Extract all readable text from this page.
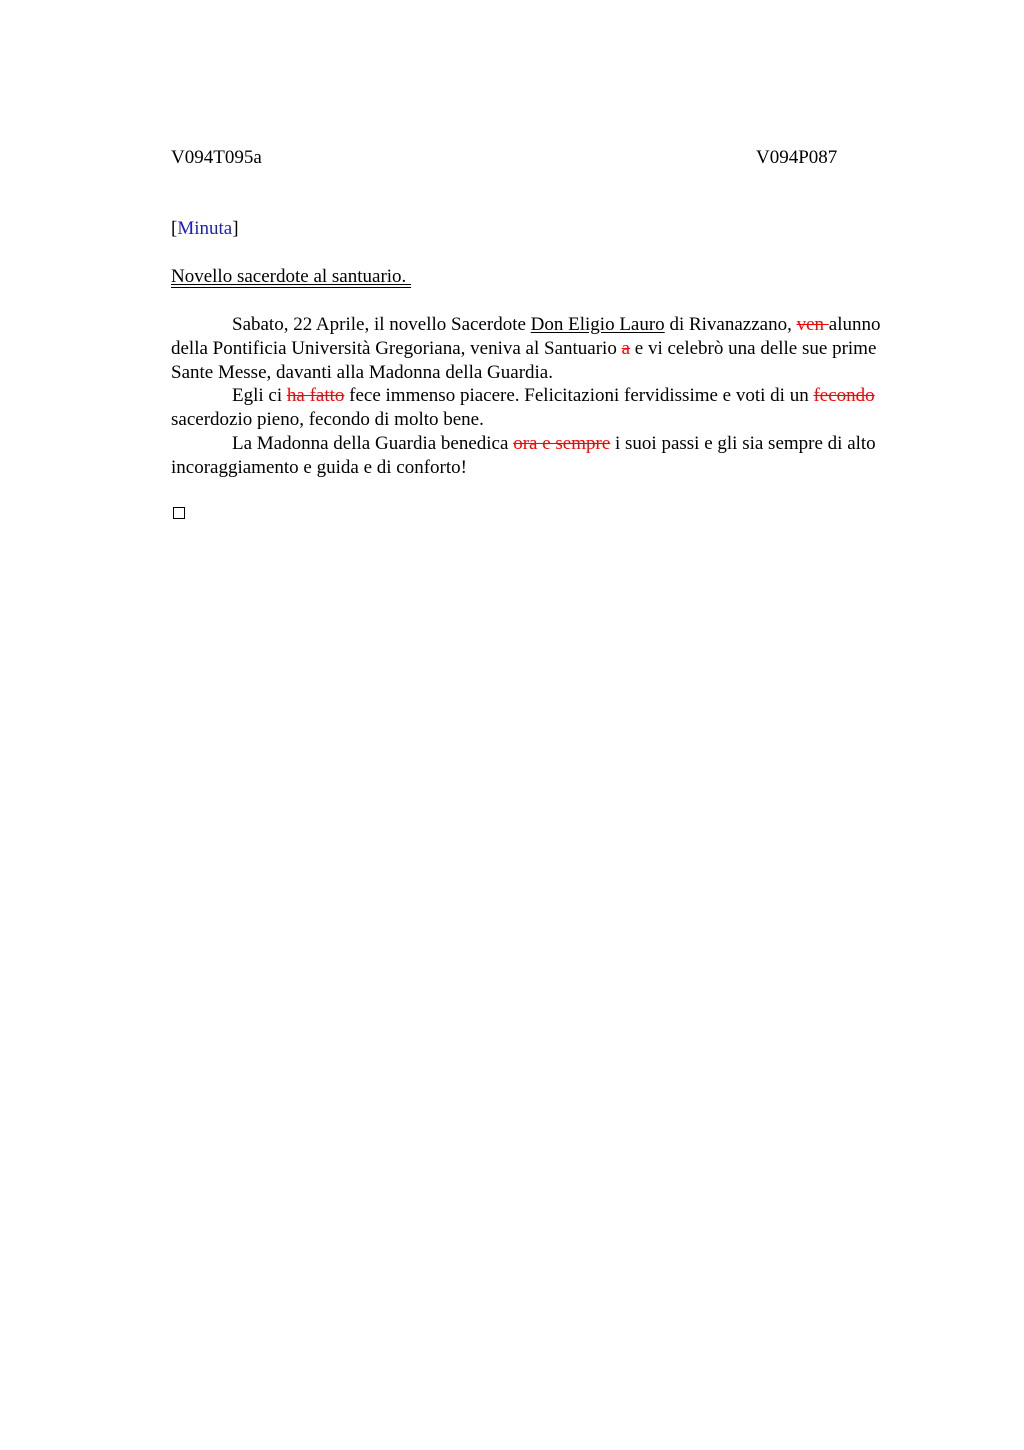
V094T095a	V094P087
[Minuta]
Novello sacerdote al santuario.

Sabato, 22 Aprile, il novello Sacerdote Don Eligio Lauro di Rivanazzano, ven alunno della Pontificia Università Gregoriana, veniva al Santuario a e vi celebrò una delle sue prime Sante Messe, davanti alla Madonna della Guardia.

Egli ci ha fatto fece immenso piacere. Felicitazioni fervidissime e voti di un fecondo sacerdozio pieno, fecondo di molto bene.

La Madonna della Guardia benedica ora e sempre i suoi passi e gli sia sempre di alto incoraggiamento e guida e di conforto!
